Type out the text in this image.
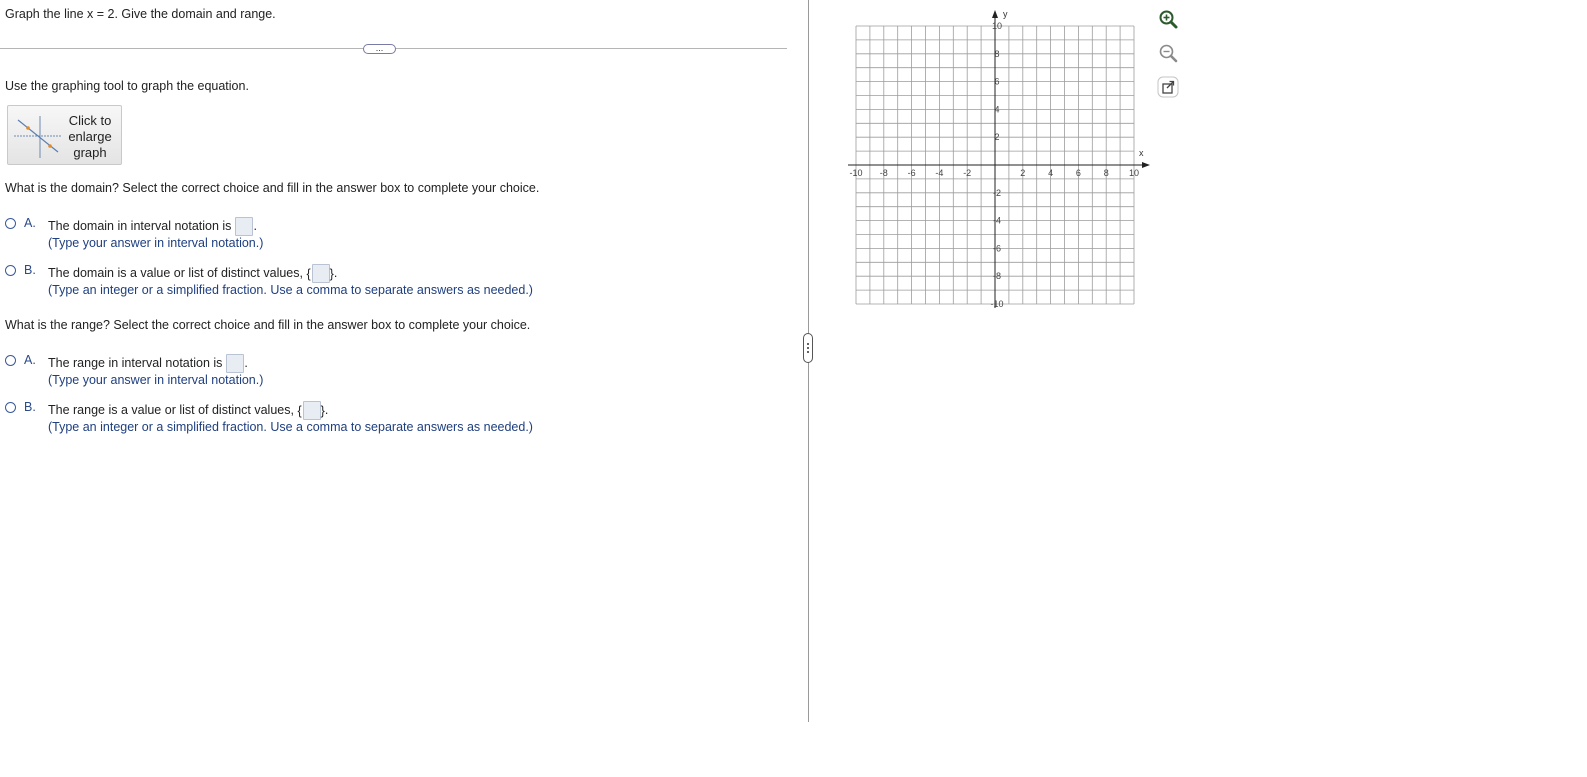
Graph the line x = 2. Give the domain and range.
...
Use the graphing tool to graph the equation.
Click to
enlarge
graph
What is the domain? Select the correct choice and fill in the answer box to complete your choice.
A. The domain in interval notation is .
(Type your answer in interval notation.)
B. The domain is a value or list of distinct values, { }.
(Type an integer or a simplified fraction. Use a comma to separate answers as needed.)
What is the range? Select the correct choice and fill in the answer box to complete your choice.
A. The range in interval notation is .
(Type your answer in interval notation.)
B. The range is a value or list of distinct values, { }.
(Type an integer or a simplified fraction. Use a comma to separate answers as needed.)
x
y
-10 -8 -6 -4 -2	2	4	6	8 10
10
8
6
4
2
-2
-4
-6
-8
-10
